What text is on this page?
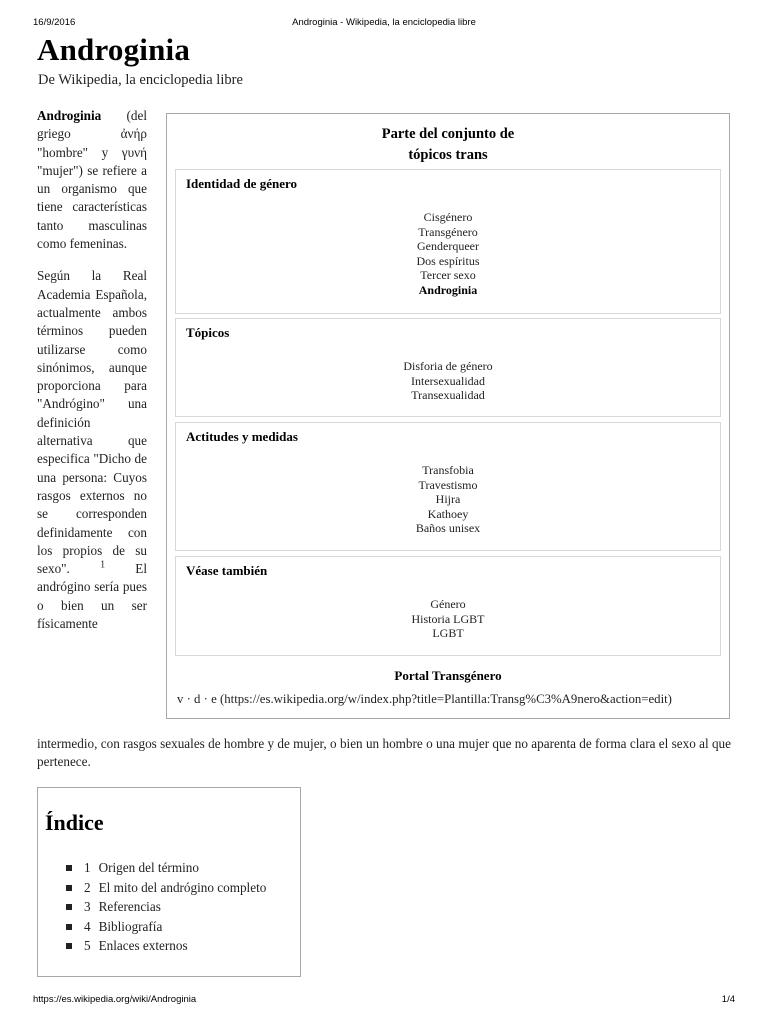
16/9/2016	Androginia - Wikipedia, la enciclopedia libre
Androginia
De Wikipedia, la enciclopedia libre

Androginia (del griego ἀνήρ "hombre" y γυνή "mujer") se refiere a un organismo que tiene características tanto masculinas como femeninas.

Según la Real Academia Española, actualmente ambos términos pueden utilizarse como sinónimos, aunque proporciona para "Andrógino" una definición alternativa que especifica "Dicho de una persona: Cuyos rasgos externos no se corresponden definidamente con los propios de su sexo". $^1$ El andrógino sería pues o bien un ser físicamente

intermedio, con rasgos sexuales de hombre y de mujer, o bien un hombre o una mujer que no aparenta de forma clara el sexo al que pertenece.
Parte del conjunto de
tópicos trans
Identidad de género
Cisgénero
Transgénero
Genderqueer
Dos espíritus
Tercer sexo
Androginia
Tópicos
Disforia de género
Intersexualidad
Transexualidad
Actitudes y medidas
Transfobia
Travestismo
Hijra
Kathoey
Baños unisex
Véase también
Género
Historia LGBT
LGBT
Portal Transgénero
v · d · e (https://es.wikipedia.org/w/index.php?title=Plantilla:Transg%C3%A9nero&action=edit)
Índice
1 Origen del término
2 El mito del andrógino completo
3 Referencias
4 Bibliografía
5 Enlaces externos
https://es.wikipedia.org/wiki/Androginia	1/4
